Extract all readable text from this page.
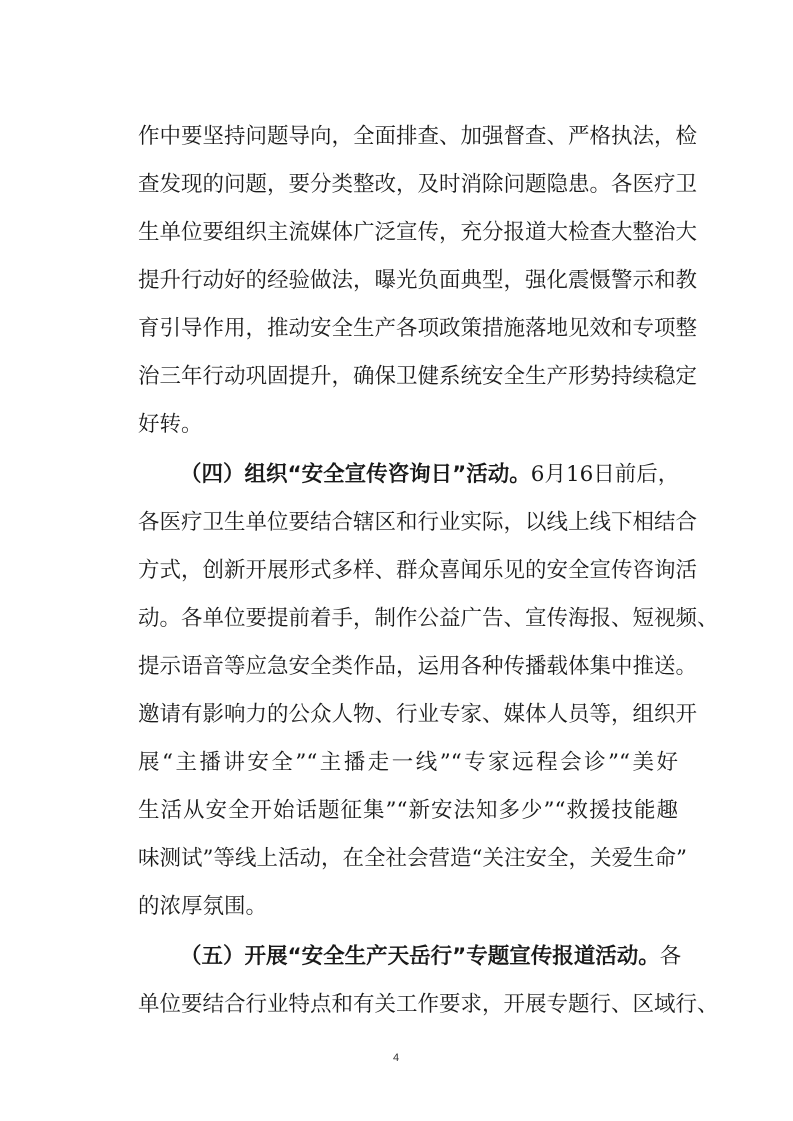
作中要坚持问题导向，全面排查、加强督查、严格执法，检
查发现的问题，要分类整改，及时消除问题隐患。各医疗卫
生单位要组织主流媒体广泛宣传，充分报道大检查大整治大
提升行动好的经验做法，曝光负面典型，强化震慑警示和教
育引导作用，推动安全生产各项政策措施落地见效和专项整
治三年行动巩固提升，确保卫健系统安全生产形势持续稳定
好转。
（四）组织“安全宣传咨询日”活动。6月16日前后，
各医疗卫生单位要结合辖区和行业实际，以线上线下相结合
方式，创新开展形式多样、群众喜闻乐见的安全宣传咨询活
动。各单位要提前着手，制作公益广告、宣传海报、短视频、
提示语音等应急安全类作品，运用各种传播载体集中推送。
邀请有影响力的公众人物、行业专家、媒体人员等，组织开
展“主播讲安全”“主播走一线”“专家远程会诊”“美好
生活从安全开始话题征集”“新安法知多少”“救援技能趣
味测试”等线上活动，在全社会营造“关注安全，关爱生命”
的浓厚氛围。
（五）开展“安全生产天岳行”专题宣传报道活动。各
单位要结合行业特点和有关工作要求，开展专题行、区域行、
4
